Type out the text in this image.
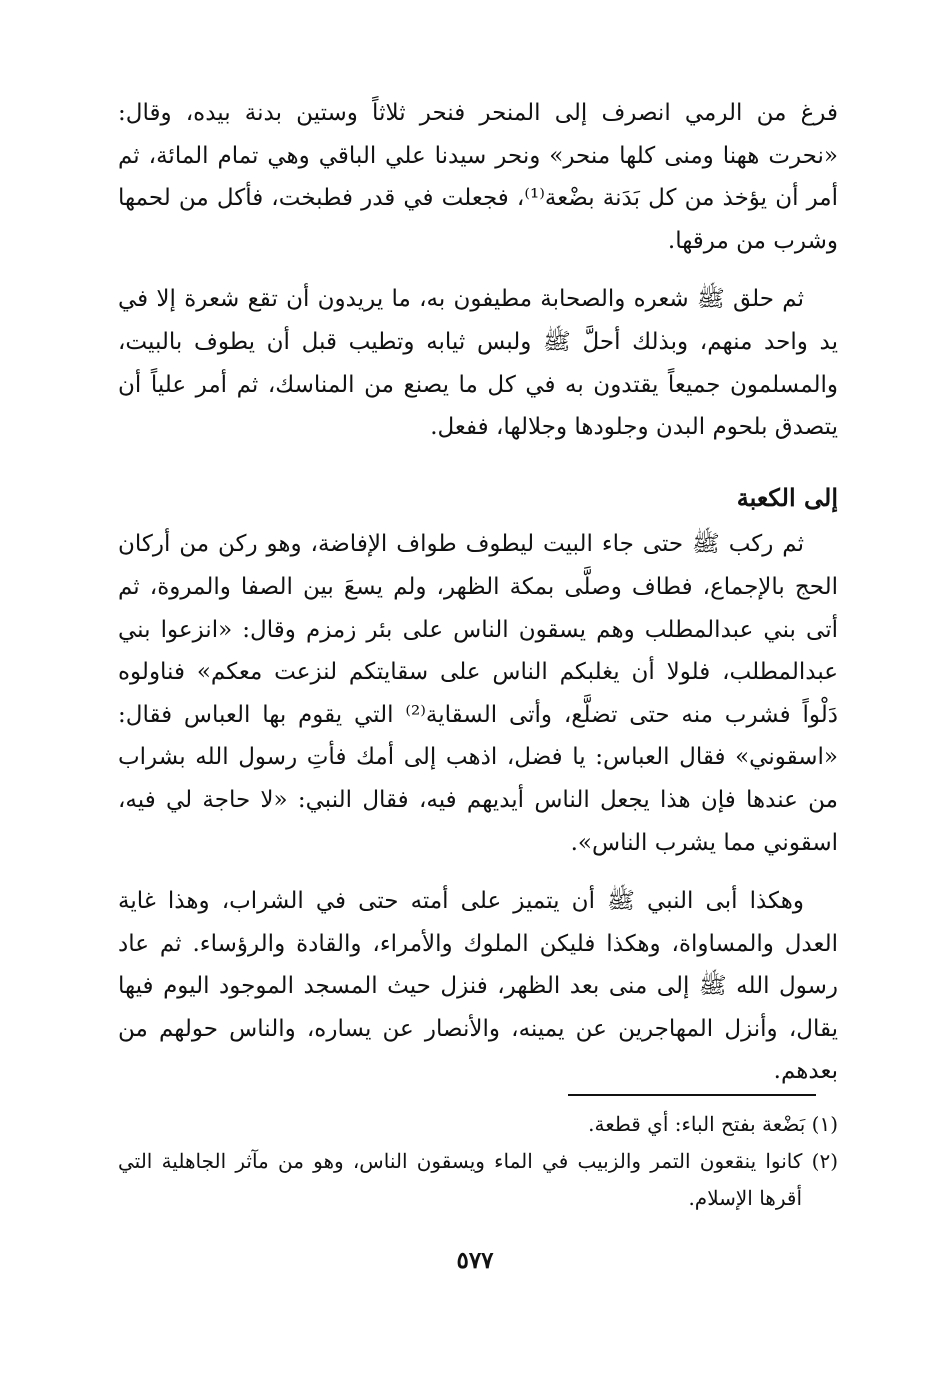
فرغ من الرمي انصرف إلى المنحر فنحر ثلاثاً وستين بدنة بيده، وقال: «نحرت ههنا ومنى كلها منحر» ونحر سيدنا علي الباقي وهي تمام المائة، ثم أمر أن يؤخذ من كل بَدَنة بضْعة⁽¹⁾، فجعلت في قدر فطبخت، فأكل من لحمها وشرب من مرقها.

ثم حلق ﷺ شعره والصحابة مطيفون به، ما يريدون أن تقع شعرة إلا في يد واحد منهم، وبذلك أحلَّ ﷺ ولبس ثيابه وتطيب قبل أن يطوف بالبيت، والمسلمون جميعاً يقتدون به في كل ما يصنع من المناسك، ثم أمر علياً أن يتصدق بلحوم البدن وجلودها وجلالها، ففعل.

إلى الكعبة

ثم ركب ﷺ حتى جاء البيت ليطوف طواف الإفاضة، وهو ركن من أركان الحج بالإجماع، فطاف وصلَّى بمكة الظهر، ولم يسعَ بين الصفا والمروة، ثم أتى بني عبدالمطلب وهم يسقون الناس على بئر زمزم وقال: «انزعوا بني عبدالمطلب، فلولا أن يغلبكم الناس على سقايتكم لنزعت معكم» فناولوه دَلْواً فشرب منه حتى تضلَّع، وأتى السقاية⁽²⁾ التي يقوم بها العباس فقال: «اسقوني» فقال العباس: يا فضل، اذهب إلى أمك فأتِ رسول الله بشراب من عندها فإن هذا يجعل الناس أيديهم فيه، فقال النبي: «لا حاجة لي فيه، اسقوني مما يشرب الناس».

وهكذا أبى النبي ﷺ أن يتميز على أمته حتى في الشراب، وهذا غاية العدل والمساواة، وهكذا فليكن الملوك والأمراء، والقادة والرؤساء. ثم عاد رسول الله ﷺ إلى منى بعد الظهر، فنزل حيث المسجد الموجود اليوم فيها يقال، وأنزل المهاجرين عن يمينه، والأنصار عن يساره، والناس حولهم من بعدهم.

(١) بَضْعة بفتح الباء: أي قطعة.

(٢) كانوا ينقعون التمر والزبيب في الماء ويسقون الناس، وهو من مآثر الجاهلية التي أقرها الإسلام.

٥٧٧
